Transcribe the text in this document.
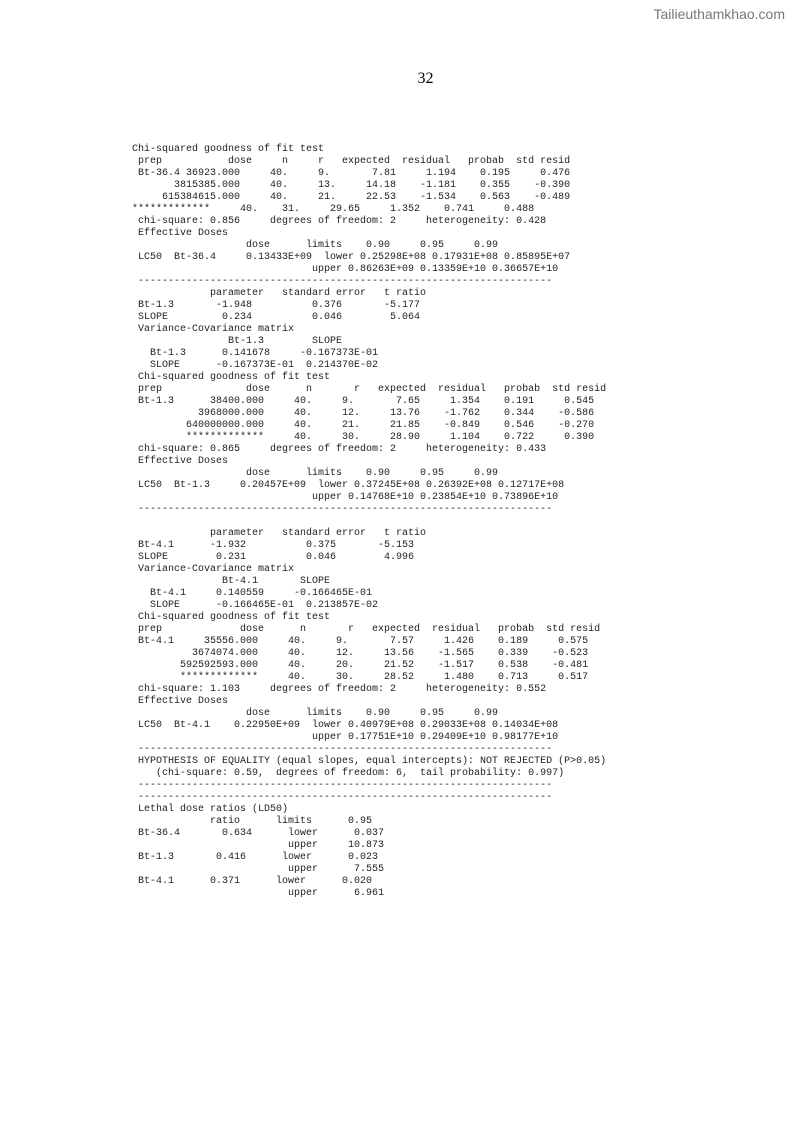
Tailieuthamkhao.com
32
Chi-squared goodness of fit test
prep           dose     n     r   expected  residual   probab  std resid
Bt-36.4 36923.000     40.     9.       7.81     1.194    0.195     0.476
3815385.000     40.     13.     14.18    -1.181    0.355    -0.390
615384615.000     40.     21.     22.53    -1.534    0.563    -0.489
*************     40.    31.     29.65     1.352    0.741     0.488
chi-square: 0.856     degrees of freedom: 2     heterogeneity: 0.428
Effective Doses
dose      limits    0.90     0.95     0.99
LC50  Bt-36.4     0.13433E+09  lower 0.25298E+08 0.17931E+08 0.85895E+07
upper 0.86263E+09 0.13359E+10 0.36657E+10
---------------------------------------------------------------------
parameter   standard error   t ratio
Bt-1.3       -1.948          0.376       -5.177
SLOPE         0.234          0.046        5.064
Variance-Covariance matrix
Bt-1.3        SLOPE
Bt-1.3      0.141678     -0.167373E-01
SLOPE      -0.167373E-01  0.214370E-02
Chi-squared goodness of fit test
prep              dose      n       r   expected  residual   probab  std resid
Bt-1.3      38400.000     40.     9.       7.65     1.354    0.191     0.545
3968000.000     40.     12.     13.76    -1.762    0.344    -0.586
640000000.000     40.     21.     21.85    -0.849    0.546    -0.270
*************     40.     30.     28.90     1.104    0.722     0.390
chi-square: 0.865     degrees of freedom: 2     heterogeneity: 0.433
Effective Doses
dose      limits    0.90     0.95     0.99
LC50  Bt-1.3     0.20457E+09  lower 0.37245E+08 0.26392E+08 0.12717E+08
upper 0.14768E+10 0.23854E+10 0.73896E+10
---------------------------------------------------------------------
parameter   standard error   t ratio
Bt-4.1      -1.932          0.375       -5.153
SLOPE        0.231          0.046        4.996
Variance-Covariance matrix
Bt-4.1       SLOPE
Bt-4.1     0.140559     -0.166465E-01
SLOPE      -0.166465E-01  0.213857E-02
Chi-squared goodness of fit test
prep             dose      n       r   expected  residual   probab  std resid
Bt-4.1     35556.000     40.     9.       7.57     1.426    0.189     0.575
3674074.000     40.     12.     13.56    -1.565    0.339    -0.523
592592593.000     40.     20.     21.52    -1.517    0.538    -0.481
*************     40.     30.     28.52     1.480    0.713     0.517
chi-square: 1.103     degrees of freedom: 2     heterogeneity: 0.552
Effective Doses
dose      limits    0.90     0.95     0.99
LC50  Bt-4.1    0.22950E+09  lower 0.40979E+08 0.29033E+08 0.14034E+08
upper 0.17751E+10 0.29409E+10 0.98177E+10
---------------------------------------------------------------------
HYPOTHESIS OF EQUALITY (equal slopes, equal intercepts): NOT REJECTED (P>0.05)
(chi-square: 0.59,  degrees of freedom: 6,  tail probability: 0.997)
---------------------------------------------------------------------
---------------------------------------------------------------------
Lethal dose ratios (LD50)
ratio      limits      0.95
Bt-36.4       0.634      lower      0.037
upper     10.873
Bt-1.3       0.416      lower      0.023
upper      7.555
Bt-4.1      0.371      lower      0.020
upper      6.961
